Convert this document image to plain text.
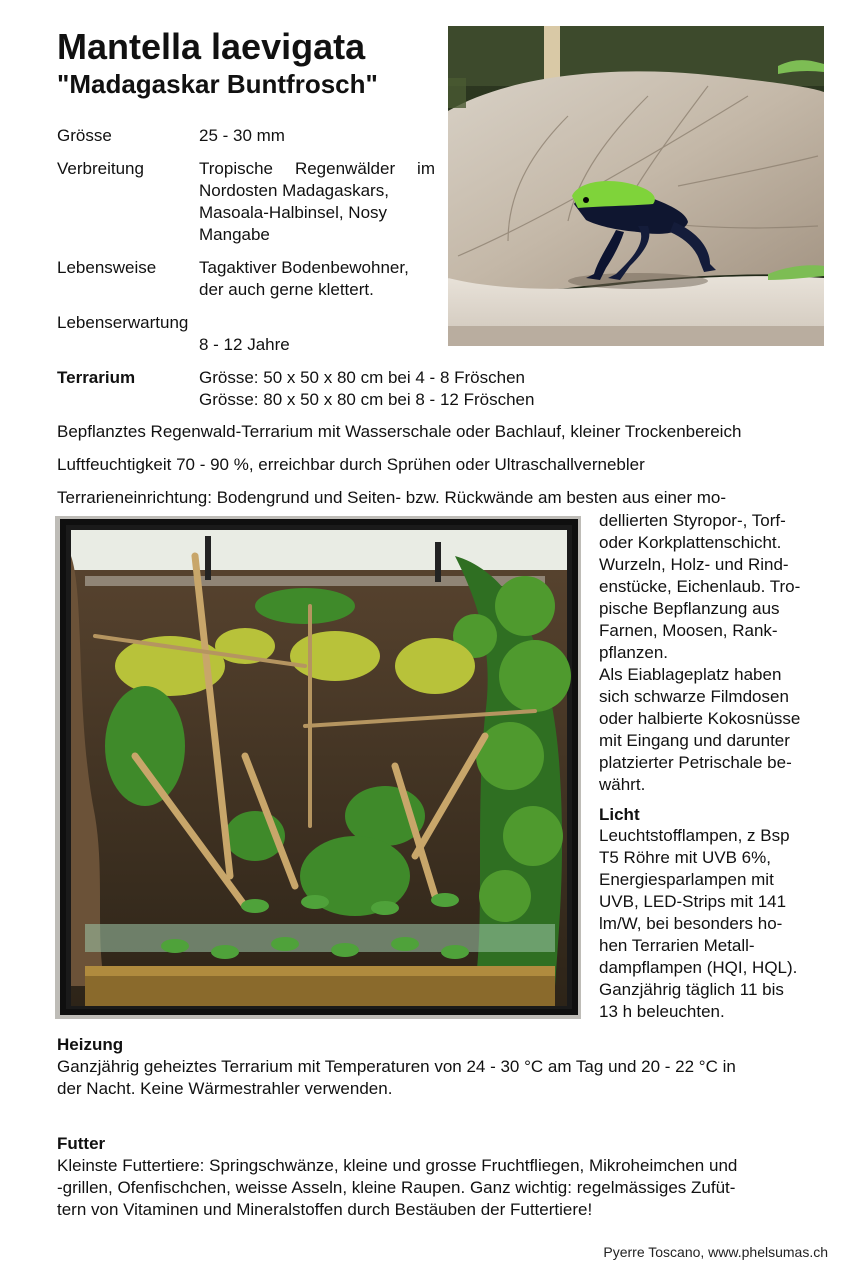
Mantella laevigata
"Madagaskar Buntfrosch"
Grösse	25 - 30 mm
Verbreitung	Tropische Regenwälder im
Nordosten Madagaskars,
Masoala-Halbinsel, Nosy
Mangabe
Lebensweise	Tagaktiver Bodenbewohner,
der auch gerne klettert.
Lebenserwartung
8 - 12 Jahre
Terrarium	Grösse: 50 x 50 x 80 cm bei 4 - 8 Fröschen
Grösse: 80 x 50 x 80 cm bei 8 - 12 Fröschen
Bepflanztes Regenwald-Terrarium mit Wasserschale oder Bachlauf, kleiner Trockenbereich
Luftfeuchtigkeit 70 - 90 %, erreichbar durch Sprühen oder Ultraschallvernebler
Terrarieneinrichtung: Bodengrund und Seiten- bzw. Rückwände am besten aus einer mo-
dellierten Styropor-, Torf-
oder Korkplattenschicht.
Wurzeln, Holz- und Rind-
enstücke, Eichenlaub. Tro-
pische Bepflanzung aus
Farnen, Moosen, Rank-
pflanzen.
Als Eiablageplatz haben
sich schwarze Filmdosen
oder halbierte Kokosnüsse
mit Eingang und darunter
platzierter Petrischale be-
währt.
Licht
Leuchtstofflampen, z Bsp
T5 Röhre mit UVB 6%,
Energiesparlampen mit
UVB, LED-Strips mit 141
lm/W, bei besonders ho-
hen Terrarien Metall-
dampflampen (HQI, HQL).
Ganzjährig täglich 11 bis
13 h beleuchten.
Heizung
Ganzjährig geheiztes Terrarium mit Temperaturen von 24 - 30 °C am Tag und 20 - 22 °C in
der Nacht. Keine Wärmestrahler verwenden.
Futter
Kleinste Futtertiere: Springschwänze, kleine und grosse Fruchtfliegen, Mikroheimchen und
-grillen, Ofenfischchen, weisse Asseln, kleine Raupen. Ganz wichtig: regelmässiges Zufüt-
tern von Vitaminen und Mineralstoffen durch Bestäuben der Futtertiere!
Pyerre Toscano, www.phelsumas.ch
